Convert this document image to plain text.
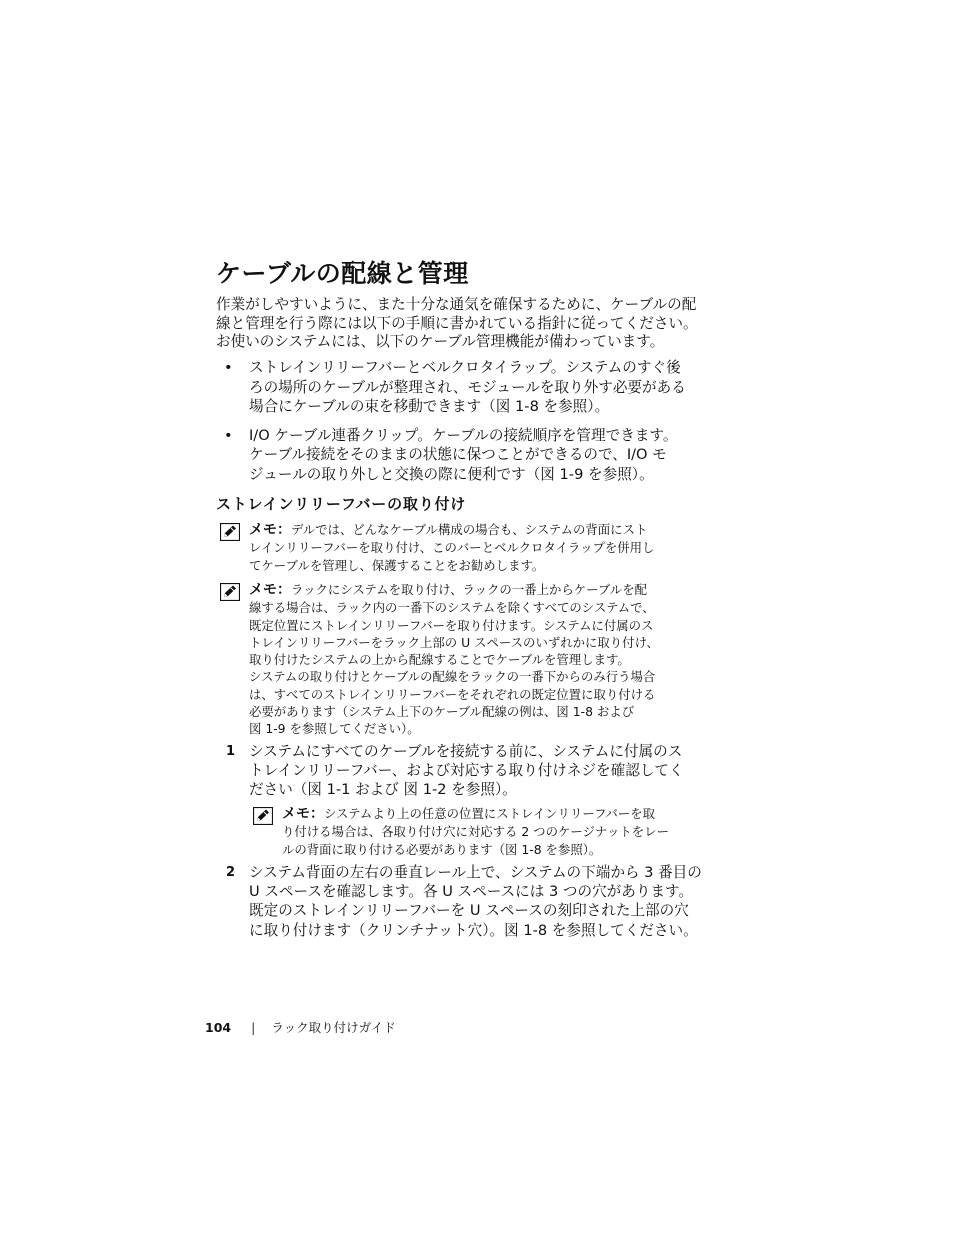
ケーブルの配線と管理

作業がしやすいように、また十分な通気を確保するために、ケーブルの配
線と管理を行う際には以下の手順に書かれている指針に従ってください。
お使いのシステムには、以下のケーブル管理機能が備わっています。

• ストレインリリーフバーとベルクロタイラップ。システムのすぐ後
ろの場所のケーブルが整理され、モジュールを取り外す必要がある
場合にケーブルの束を移動できます（図 1-8 を参照）。
• I/O ケーブル連番クリップ。ケーブルの接続順序を管理できます。
ケーブル接続をそのままの状態に保つことができるので、I/O モ
ジュールの取り外しと交換の際に便利です（図 1-9 を参照）。
ストレインリリーフバーの取り付け
メモ：デルでは、どんなケーブル構成の場合も、システムの背面にスト
レインリリーフバーを取り付け、このバーとベルクロタイラップを併用し
てケーブルを管理し、保護することをお勧めします。
メモ：ラックにシステムを取り付け、ラックの一番上からケーブルを配
線する場合は、ラック内の一番下のシステムを除くすべてのシステムで、
既定位置にストレインリリーフバーを取り付けます。システムに付属のス
トレインリリーフバーをラック上部の U スペースのいずれかに取り付け、
取り付けたシステムの上から配線することでケーブルを管理します。
システムの取り付けとケーブルの配線をラックの一番下からのみ行う場合
は、すべてのストレインリリーフバーをそれぞれの既定位置に取り付ける
必要があります（システム上下のケーブル配線の例は、図 1-8 および
図 1-9 を参照してください）。
1 システムにすべてのケーブルを接続する前に、システムに付属のス
トレインリリーフバー、および対応する取り付けネジを確認してく
ださい（図 1-1 および 図 1-2 を参照）。
メモ：システムより上の任意の位置にストレインリリーフバーを取
り付ける場合は、各取り付け穴に対応する 2 つのケージナットをレー
ルの背面に取り付ける必要があります（図 1-8 を参照）。
2 システム背面の左右の垂直レール上で、システムの下端から 3 番目の
U スペースを確認します。各 U スペースには 3 つの穴があります。
既定のストレインリリーフバーを U スペースの刻印された上部の穴
に取り付けます（クリンチナット穴）。図 1-8 を参照してください。
104 | ラック取り付けガイド
